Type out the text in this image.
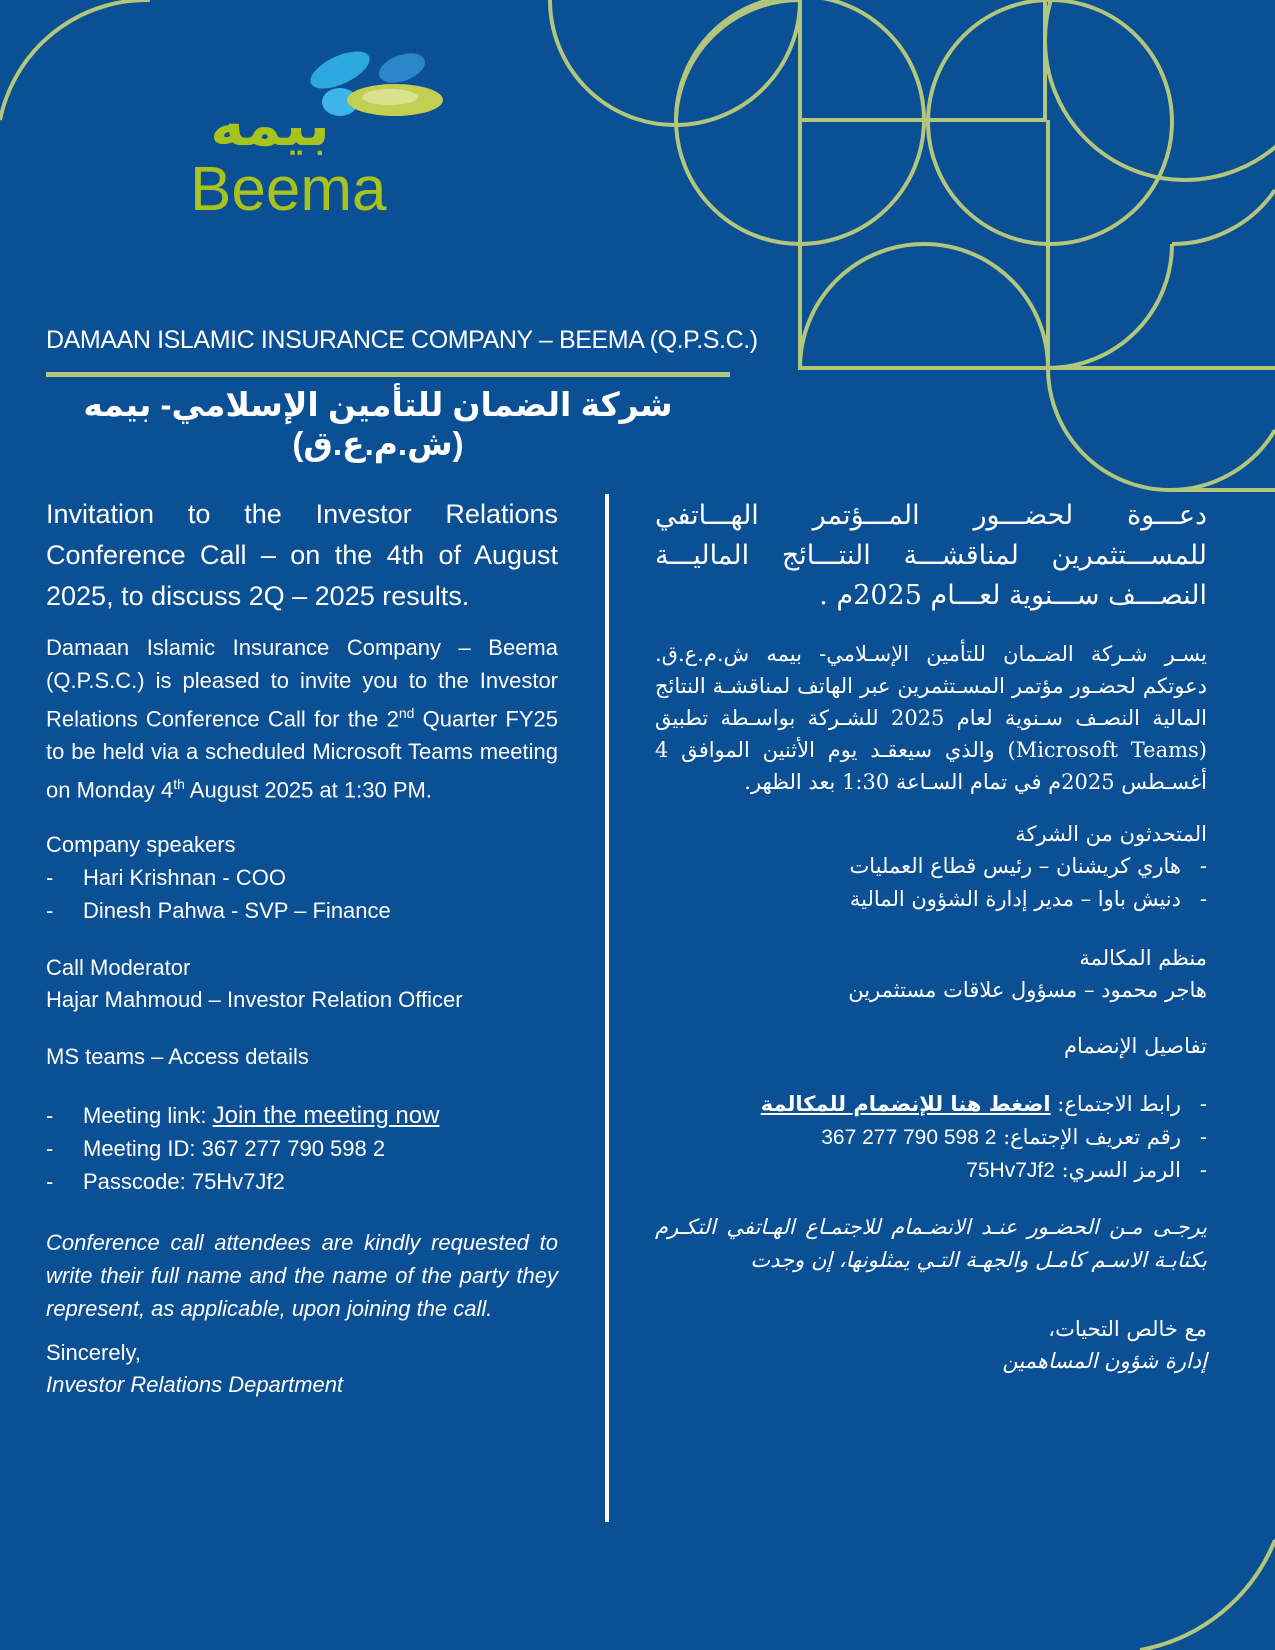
بيمه
Beema
DAMAAN ISLAMIC INSURANCE COMPANY – BEEMA (Q.P.S.C.)
شركة الضمان للتأمين الإسلامي- بيمه (ش.م.ع.ق)

Invitation to the Investor Relations Conference Call – on the 4th of August 2025, to discuss 2Q – 2025 results.

Damaan Islamic Insurance Company – Beema (Q.P.S.C.) is pleased to invite you to the Investor Relations Conference Call for the 2nd Quarter FY25 to be held via a scheduled Microsoft Teams meeting on Monday 4th August 2025 at 1:30 PM.

Company speakers

- Hari Krishnan - COO
- Dinesh Pahwa - SVP – Finance

Call Moderator

Hajar Mahmoud – Investor Relation Officer

MS teams – Access details

- Meeting link: Join the meeting now
- Meeting ID: 367 277 790 598 2
- Passcode: 75Hv7Jf2

Conference call attendees are kindly requested to write their full name and the name of the party they represent, as applicable, upon joining the call.

Sincerely,

Investor Relations Department

دعـــوة لحضـــور المـــؤتمر الهـــاتفي للمســـتثمرين لمناقشـــة النتـــائج الماليـــة النصـــف ســـنوية لعـــام 2025م .

يسـر شـركة الضـمان للتأمين الإسـلامي- بيمه ش.م.ع.ق. دعوتكم لحضـور مؤتمر المسـتثمرين عبر الهاتف لمناقشـة النتائج المالية النصـف سـنوية لعام 2025 للشـركة بواسـطة تطبيق (Microsoft Teams) والذي سيعقـد يوم الأثنين الموافق 4 أغسـطس 2025م في تمام السـاعة 1:30 بعد الظهر.

المتحدثون من الشركة

- هاري كريشنان – رئيس قطاع العمليات
- دنيش باوا – مدير إدارة الشؤون المالية

منظم المكالمة

هاجر محمود – مسؤول علاقات مستثمرين

تفاصيل الإنضمام

- رابط الاجتماع: اضغط هنا للإنضمام للمكالمة
- رقم تعريف الإجتماع: 367 277 790 598 2
- الرمز السري: 75Hv7Jf2

يرجـى مـن الحضـور عنـد الانضـمام للاجتمـاع الهـاتفي التكـرم بكتابـة الاسـم كامـل والجهـة التـي يمثلونها، إن وجدت

مع خالص التحيات،

إدارة شؤون المساهمين
